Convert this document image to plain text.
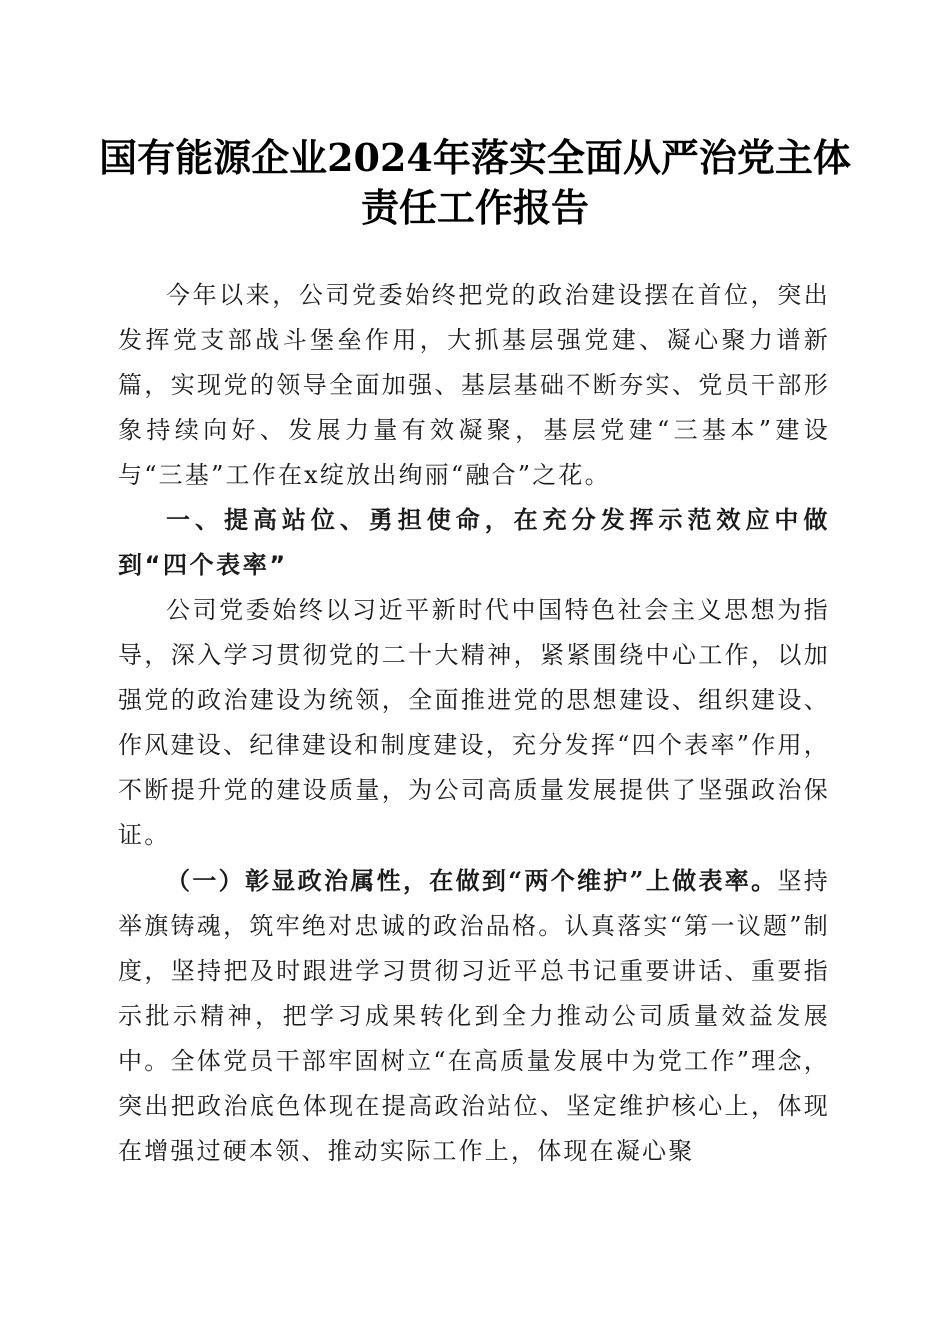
国有能源企业2024年落实全面从严治党主体
责任工作报告

今年以来，公司党委始终把党的政治建设摆在首位，突出发挥党支部战斗堡垒作用，大抓基层强党建、凝心聚力谱新篇，实现党的领导全面加强、基层基础不断夯实、党员干部形象持续向好、发展力量有效凝聚，基层党建“三基本”建设与“三基”工作在x绽放出绚丽“融合”之花。

一、提高站位、勇担使命，在充分发挥示范效应中做到“四个表率”

公司党委始终以习近平新时代中国特色社会主义思想为指导，深入学习贯彻党的二十大精神，紧紧围绕中心工作，以加强党的政治建设为统领，全面推进党的思想建设、组织建设、作风建设、纪律建设和制度建设，充分发挥“四个表率”作用，不断提升党的建设质量，为公司高质量发展提供了坚强政治保证。

（一）彰显政治属性，在做到“两个维护”上做表率。坚持举旗铸魂，筑牢绝对忠诚的政治品格。认真落实“第一议题”制度，坚持把及时跟进学习贯彻习近平总书记重要讲话、重要指示批示精神，把学习成果转化到全力推动公司质量效益发展中。全体党员干部牢固树立“在高质量发展中为党工作”理念，突出把政治底色体现在提高政治站位、坚定维护核心上，体现在增强过硬本领、推动实际工作上，体现在凝心聚
